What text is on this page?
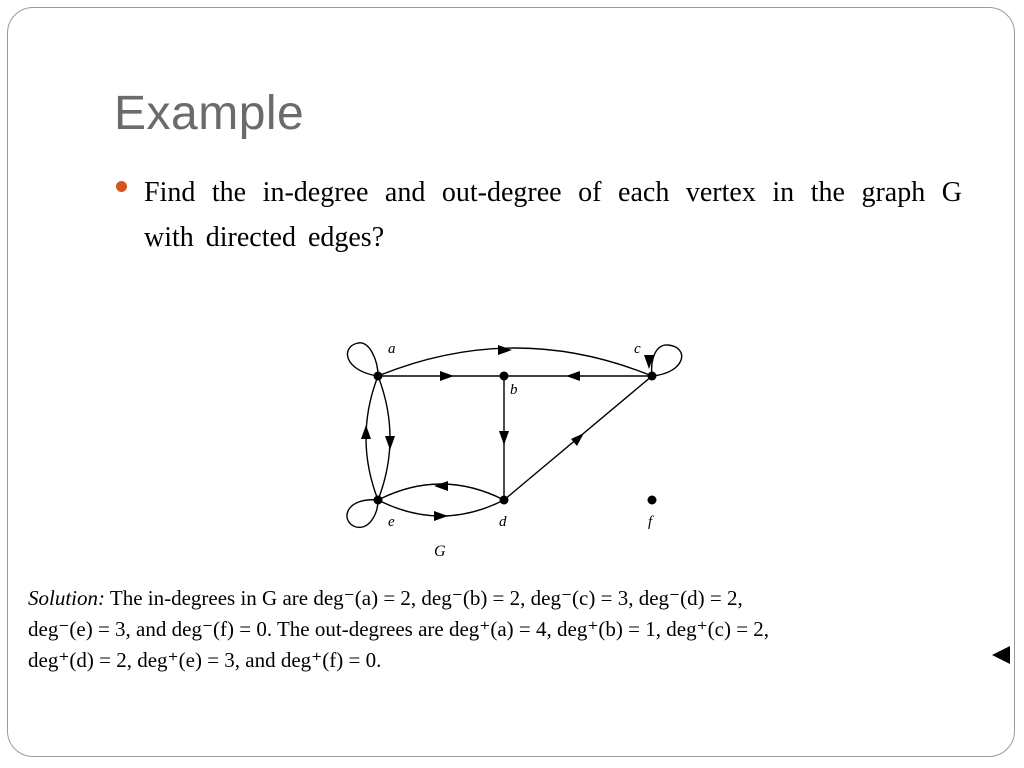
Example

Find the in-degree and out-degree of each vertex in the graph G with directed edges?

a
b
c
d
e	f
G

Solution: The in-degrees in G are deg⁻(a) = 2, deg⁻(b) = 2, deg⁻(c) = 3, deg⁻(d) = 2,

deg⁻(e) = 3, and deg⁻(f) = 0. The out-degrees are deg⁺(a) = 4, deg⁺(b) = 1, deg⁺(c) = 2,

deg⁺(d) = 2, deg⁺(e) = 3, and deg⁺(f) = 0.
